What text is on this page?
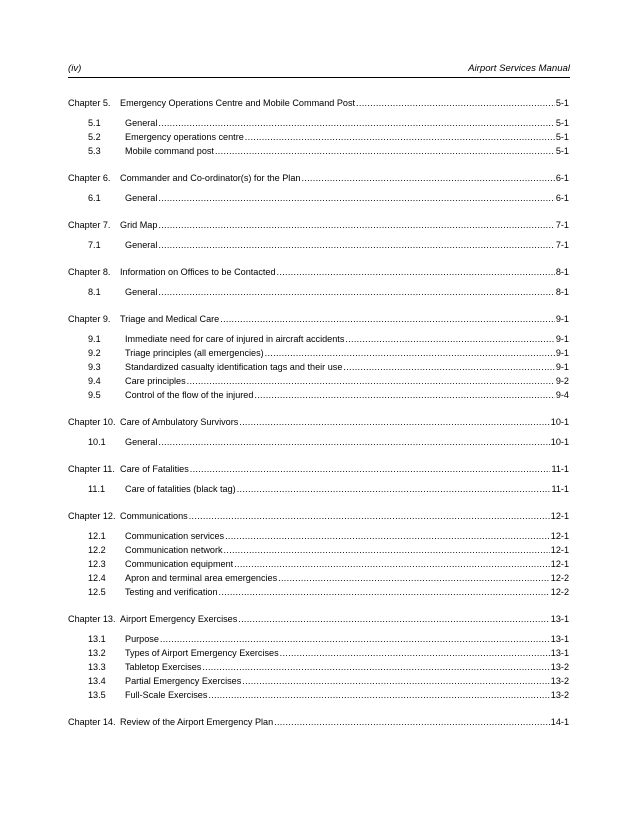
(iv)	Airport Services Manual
Chapter 5.	Emergency Operations Centre and Mobile Command Post .....	5-1
5.1	General .....	5-1
5.2	Emergency operations centre .....	5-1
5.3	Mobile command post .....	5-1
Chapter 6.	Commander and Co-ordinator(s) for the Plan .....	6-1
6.1	General .....	6-1
Chapter 7.	Grid Map .....	7-1
7.1	General .....	7-1
Chapter 8.	Information on Offices to be Contacted .....	8-1
8.1	General .....	8-1
Chapter 9.	Triage and Medical Care .....	9-1
9.1	Immediate need for care of injured in aircraft accidents .....	9-1
9.2	Triage principles (all emergencies) .....	9-1
9.3	Standardized casualty identification tags and their use .....	9-1
9.4	Care principles .....	9-2
9.5	Control of the flow of the injured .....	9-4
Chapter 10. Care of Ambulatory Survivors .....	10-1
10.1	General .....	10-1
Chapter 11. Care of Fatalities .....	11-1
11.1	Care of fatalities (black tag) .....	11-1
Chapter 12. Communications .....	12-1
12.1	Communication services .....	12-1
12.2	Communication network .....	12-1
12.3	Communication equipment .....	12-1
12.4	Apron and terminal area emergencies .....	12-2
12.5	Testing and verification .....	12-2
Chapter 13. Airport Emergency Exercises .....	13-1
13.1	Purpose .....	13-1
13.2	Types of Airport Emergency Exercises .....	13-1
13.3	Tabletop Exercises .....	13-2
13.4	Partial Emergency Exercises .....	13-2
13.5	Full-Scale Exercises .....	13-2
Chapter 14. Review of the Airport Emergency Plan .....	14-1
